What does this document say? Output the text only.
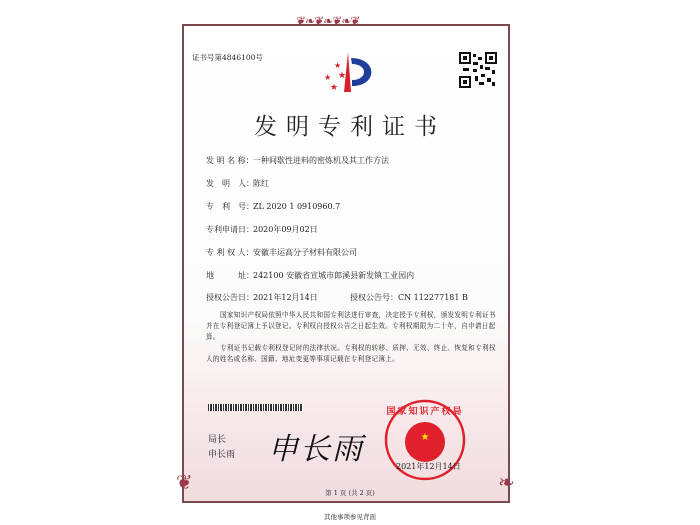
❦❧❦❧❦❧❦
❦	❧
证书号第4846100号
★
★
★
★
发明专利证书
发 明 名 称：一种间歇性进料的密炼机及其工作方法
发　明　人：陈红
专　利　号：ZL 2020 1 0910960.7
专利申请日：2020年09月02日
专 利 权 人：安徽丰运高分子材料有限公司
地　　　址：242100 安徽省宣城市郎溪县新发镇工业园内
授权公告日：2021年12月14日	授权公告号：CN 112277181 B

国家知识产权局依照中华人民共和国专利法进行审查，决定授予专利权，颁发发明专利证书并在专利登记簿上予以登记。专利权自授权公告之日起生效。专利权期限为二十年，自申请日起算。

专利证书记载专利权登记时的法律状况。专利权的转移、质押、无效、终止、恢复和专利权人的姓名或名称、国籍、地址变更等事项记载在专利登记簿上。

局长
申长雨 申长雨	★
国家知识产权局
2021年12月14日
第 1 页 (共 2 页)
其他事项参见背面
